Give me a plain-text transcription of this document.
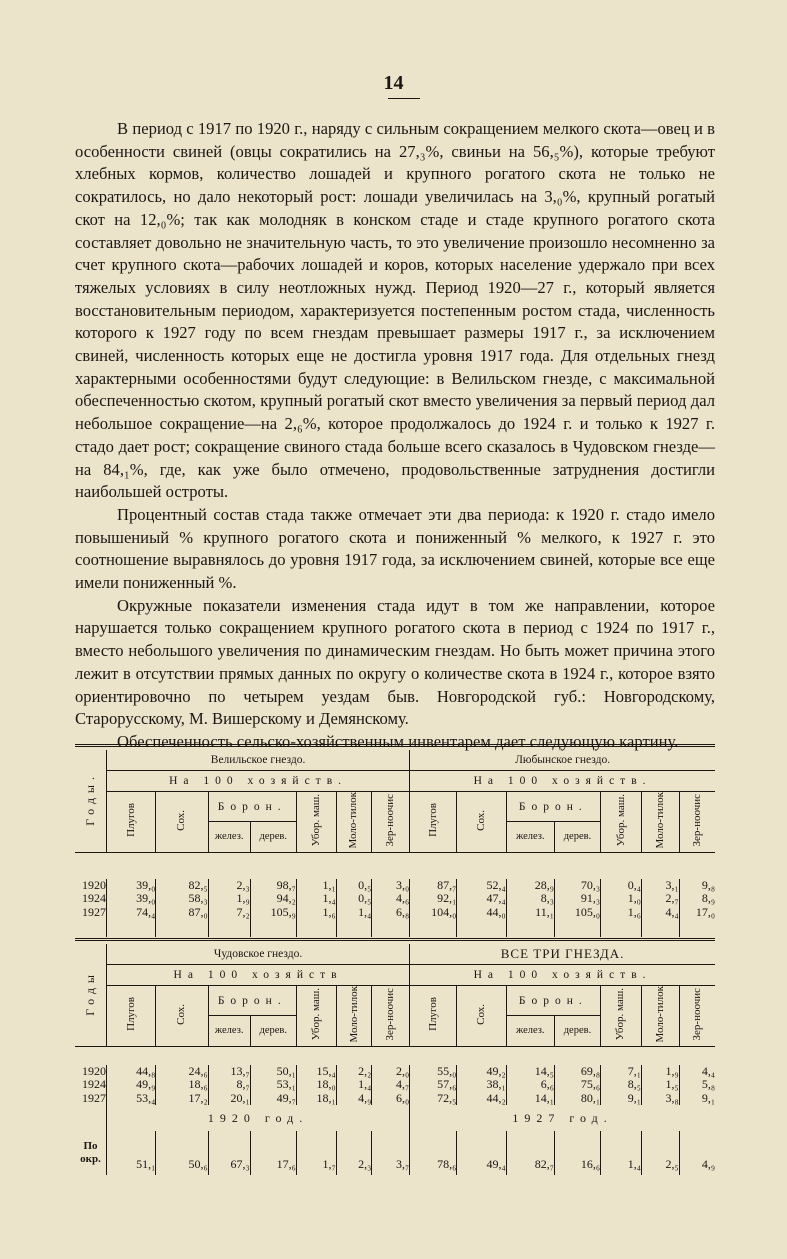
14

В период с 1917 по 1920 г., наряду с сильным сокращением мелкого скота—овец и в особенности свиней (овцы сократились на 27,₃%, свиньи на 56,₅%), которые требуют хлебных кормов, количество лошадей и крупного рогатого скота не только не сократилось, но дало некоторый рост: лошади увеличилась на 3,₀%, крупный рогатый скот на 12,₀%; так как молодняк в конском стаде и стаде крупного рогатого скота составляет довольно не значительную часть, то это увеличение произошло несомненно за счет крупного скота—рабочих лошадей и коров, которых население удержало при всех тяжелых условиях в силу неотложных нужд. Период 1920—27 г., который является восстановительным периодом, характеризуется постепенным ростом стада, численность которого к 1927 году по всем гнездам превышает размеры 1917 г., за исключением свиней, численность которых еще не достигла уровня 1917 года. Для отдельных гнезд характерными особенностями будут следующие: в Велильском гнезде, с максимальной обеспеченностью скотом, крупный рогатый скот вместо увеличения за первый период дал небольшое сокращение—на 2,₆%, которое продолжалось до 1924 г. и только к 1927 г. стадо дает рост; сокращение свиного стада больше всего сказалось в Чудовском гнезде—на 84,₁%, где, как уже было отмечено, продовольственные затруднения достигли наибольшей остроты.

Процентный состав стада также отмечает эти два периода: к 1920 г. стадо имело повышениый % крупного рогатого скота и пониженный % мелкого, к 1927 г. это соотношение выравнялось до уровня 1917 года, за исключением свиней, которые все еще имели пониженный %.

Окружные показатели изменения стада идут в том же направлении, которое нарушается только сокращением крупного рогатого скота в период с 1924 по 1917 г., вместо небольшого увеличения по динамическим гнездам. Но быть может причина этого лежит в отсутствии прямых данных по округу о количестве скота в 1924 г., которое взято ориентировочно по четырем уездам быв. Новгородской губ.: Новгородскому, Старорусскому, М. Вишерскому и Демянскому.

Обеспеченность сельско-хозяйственным инвентарем дает следующую картину.

Годы.	Велильское гнездо.							Любынское гнездо.						
	На 100 хозяйств.							На 100 хозяйств.						
	Плугов	Сох.	Борон.		Убор. маш.	Моло-тилок	Зер-ноочис	Плугов	Сох.	Борон.		Убор. маш.	Моло-тилок	Зер-ноочис
			желез.	дерев.						желез.	дерев.			

1920	39,₀	82,₅	2,₃	98,₇	1,₁	0,₅	3,₀	87,₇	52,₄	28,₉	70,₃	0,₄	3,₁	9,₈
1924	39,₀	58,₃	1,₉	94,₂	1,₄	0,₅	4,₆	92,₁	47,₄	8,₃	91,₃	1,₀	2,₇	8,₉
1927	74,₄	87,₀	7,₂	105,₉	1,₆	1,₄	6,₈	104,₀	44,₀	11,₁	105,₀	1,₆	4,₄	17,₀

Годы	Чудовское гнездо.							ВСЕ ТРИ ГНЕЗДА.						
	На 100 хозяйств							На 100 хозяйств.						
	Плугов	Сох.	Борон.		Убор. маш.	Моло-тилок	Зер-ноочис	Плугов	Сох.	Борон.		Убор. маш.	Моло-тилок	Зер-ноочис
			желез.	дерев.						желез.	дерев.			

1920	44,₈	24,₆	13,₇	50,₁	15,₄	2,₂	2,₀	55,₀	49,₂	14,₅	69,₈	7,₁	1,₉	4,₄
1924	49,₉	18,₆	8,₇	53,₁	18,₀	1,₄	4,₇	57,₆	38,₁	6,₆	75,₆	8,₅	1,₅	5,₈
1927	53,₄	17,₂	20,₁	49,₇	18,₁	4,₉	6,₀	72,₅	44,₂	14,₁	80,₁	9,₁	3,₈	9,₁
	1920 год.							1927 год.						
По окр.	51,₁	50,₆	67,₃	17,₆	1,₇	2,₃	3,₇	78,₆	49,₄	82,₇	16,₆	1,₄	2,₅	4,₉
